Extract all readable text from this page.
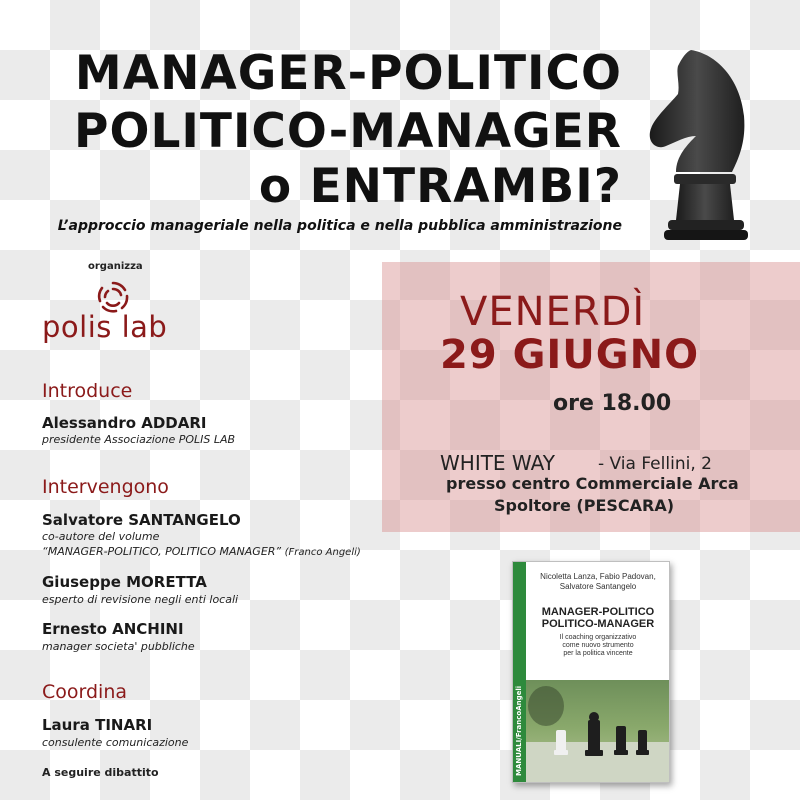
MANAGER-POLITICO
POLITICO-MANAGER
o ENTRAMBI?
L’approccio manageriale nella politica e nella pubblica amministrazione
organizza
polis lab	VENERDÌ
29 GIUGNO
ore 18.00
WHITE WAY	- Via Fellini, 2
presso centro Commerciale Arca
Spoltore (PESCARA)
Introduce
Alessandro ADDARI
presidente Associazione POLIS LAB
Intervengono
Salvatore SANTANGELO
co-autore del volume
“MANAGER-POLITICO, POLITICO MANAGER” (Franco Angeli)
Giuseppe MORETTA
esperto di revisione negli enti locali
Ernesto ANCHINI
manager societa' pubbliche
Coordina
Laura TINARI
consulente comunicazione
A seguire dibattito	MANUALI/FrancoAngeli
Nicoletta Lanza, Fabio Padovan,
Salvatore Santangelo
MANAGER-POLITICO
POLITICO-MANAGER
Il coaching organizzativo
come nuovo strumento
per la politica vincente
